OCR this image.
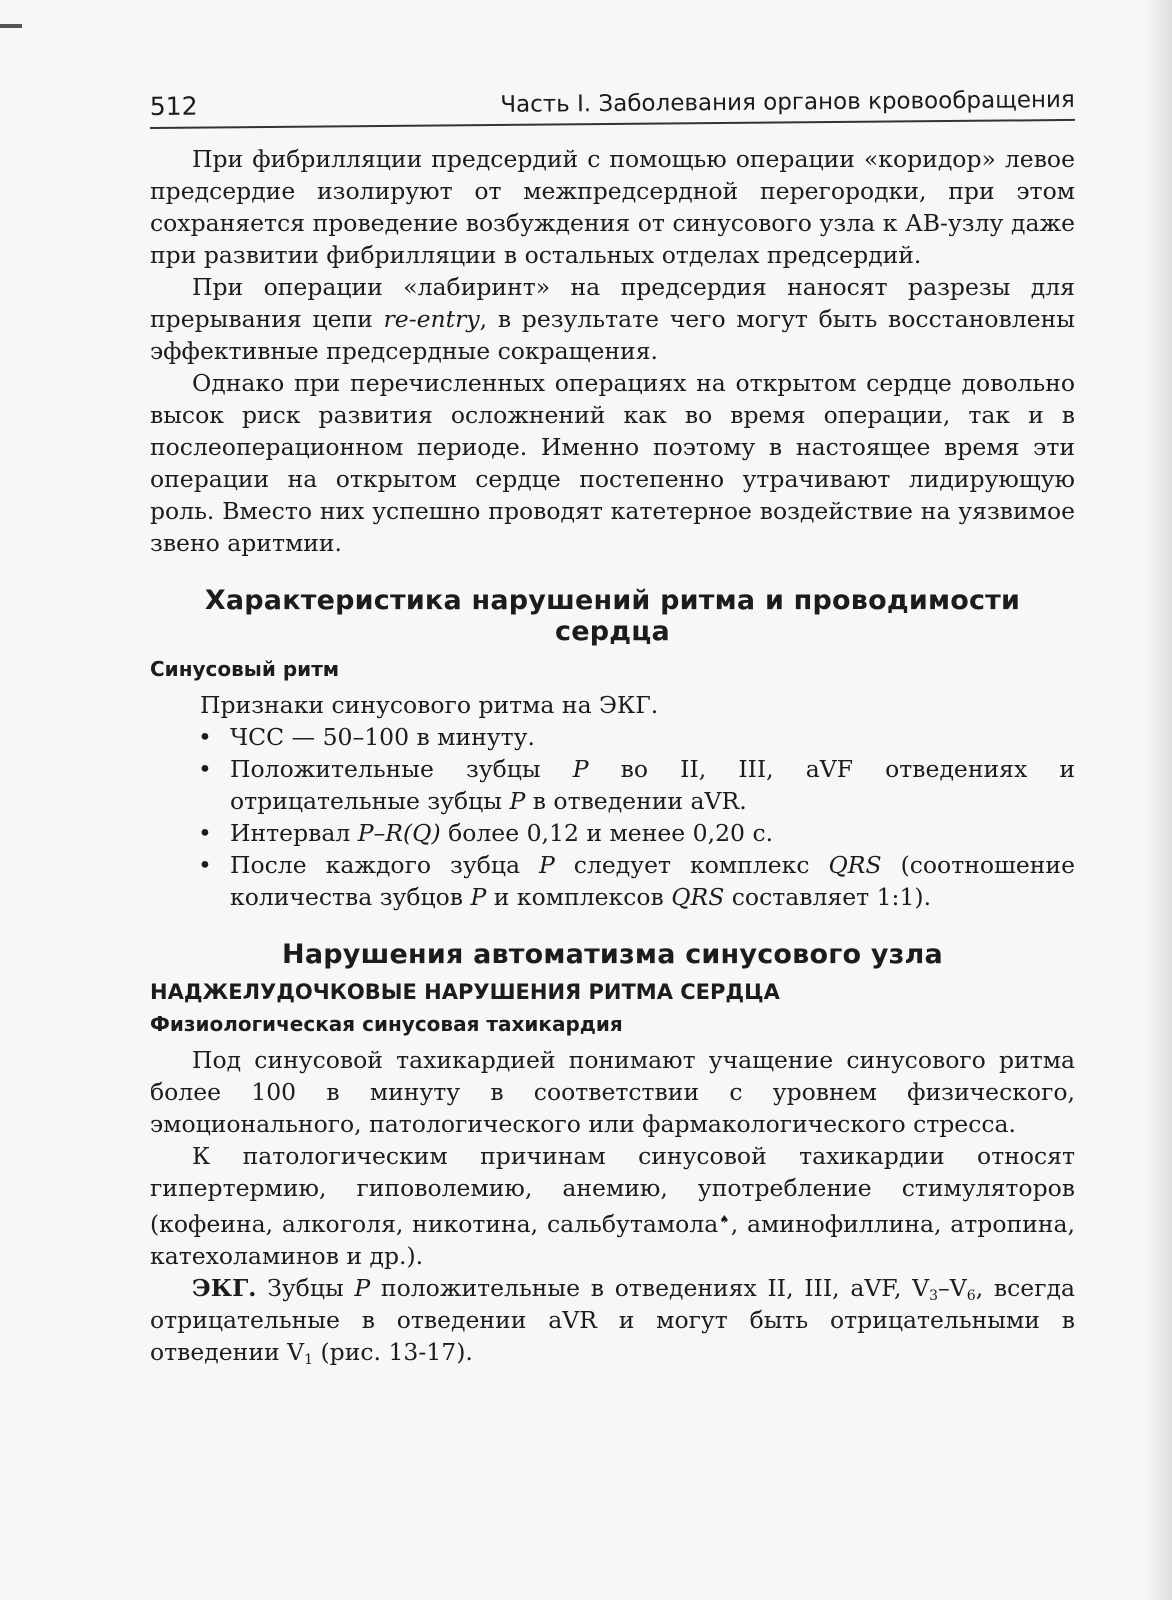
512	Часть I. Заболевания органов кровообращения

При фибрилляции предсердий с помощью операции «коридор» левое предсердие изолируют от межпредсердной перегородки, при этом сохраняется проведение возбуждения от синусового узла к АВ-узлу даже при развитии фибрилляции в остальных отделах предсердий.

При операции «лабиринт» на предсердия наносят разрезы для прерывания цепи re-entry, в результате чего могут быть восстановлены эффективные предсердные сокращения.

Однако при перечисленных операциях на открытом сердце довольно высок риск развития осложнений как во время операции, так и в послеоперационном периоде. Именно поэтому в настоящее время эти операции на открытом сердце постепенно утрачивают лидирующую роль. Вместо них успешно проводят катетерное воздействие на уязвимое звено аритмии.

Характеристика нарушений ритма и проводимости сердца
Синусовый ритм
Признаки синусового ритма на ЭКГ.
• ЧСС — 50–100 в минуту.
• Положительные зубцы P во II, III, aVF отведениях и отрицательные зубцы P в отведении aVR.
• Интервал P–R(Q) более 0,12 и менее 0,20 с.
• После каждого зубца P следует комплекс QRS (соотношение количества зубцов P и комплексов QRS составляет 1:1).
Нарушения автоматизма синусового узла
НАДЖЕЛУДОЧКОВЫЕ НАРУШЕНИЯ РИТМА СЕРДЦА
Физиологическая синусовая тахикардия

Под синусовой тахикардией понимают учащение синусового ритма более 100 в минуту в соответствии с уровнем физического, эмоционального, патологического или фармакологического стресса.

К патологическим причинам синусовой тахикардии относят гипертермию, гиповолемию, анемию, употребление стимуляторов (кофеина, алкоголя, никотина, сальбутамола♠, аминофиллина, атропина, катехоламинов и др.).

ЭКГ. Зубцы P положительные в отведениях II, III, aVF, $V_3-V_6$, всегда отрицательные в отведении aVR и могут быть отрицательными в отведении $V_1$ (рис. 13-17).
